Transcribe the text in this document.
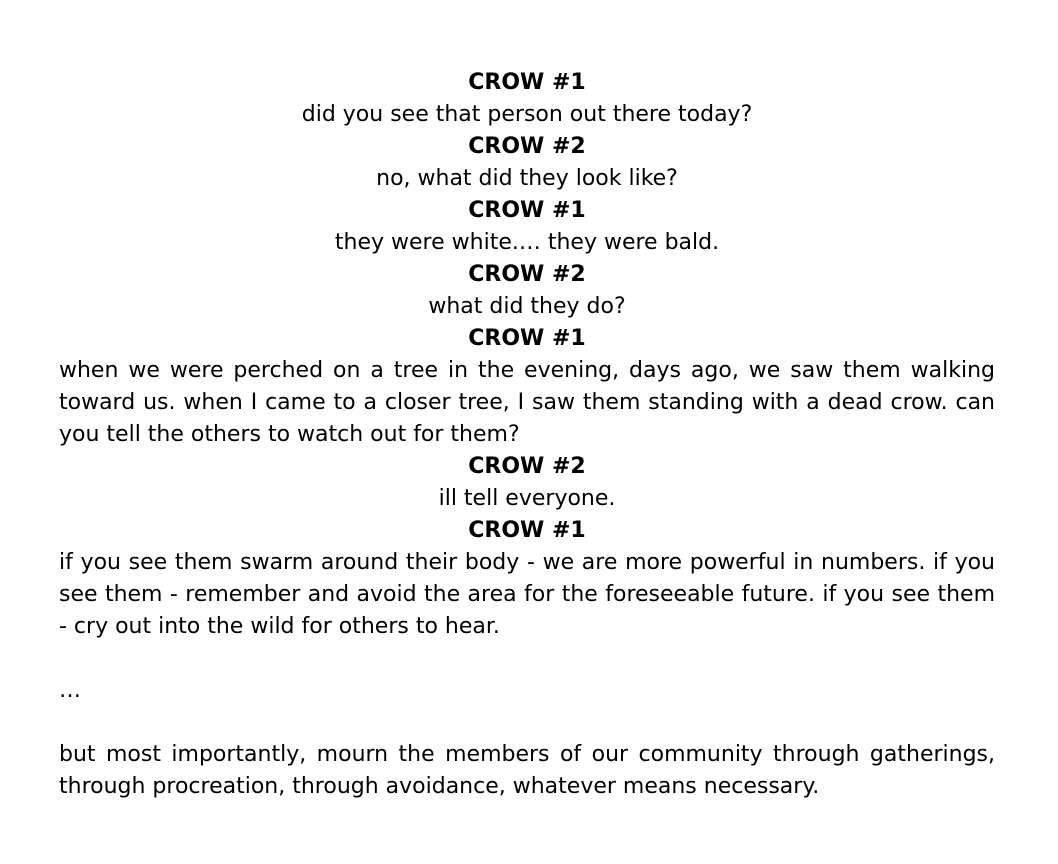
CROW #1

did you see that person out there today?

CROW #2

no, what did they look like?

CROW #1

they were white.… they were bald.

CROW #2

what did they do?

CROW #1

when we were perched on a tree in the evening, days ago, we saw them walking toward us. when I came to a closer tree, I saw them standing with a dead crow. can you tell the others to watch out for them?

CROW #2

ill tell everyone.

CROW #1

if you see them swarm around their body - we are more powerful in numbers. if you see them - remember and avoid the area for the foreseeable future. if you see them - cry out into the wild for others to hear.

…

but most importantly, mourn the members of our community through gatherings, through procreation, through avoidance, whatever means necessary.
